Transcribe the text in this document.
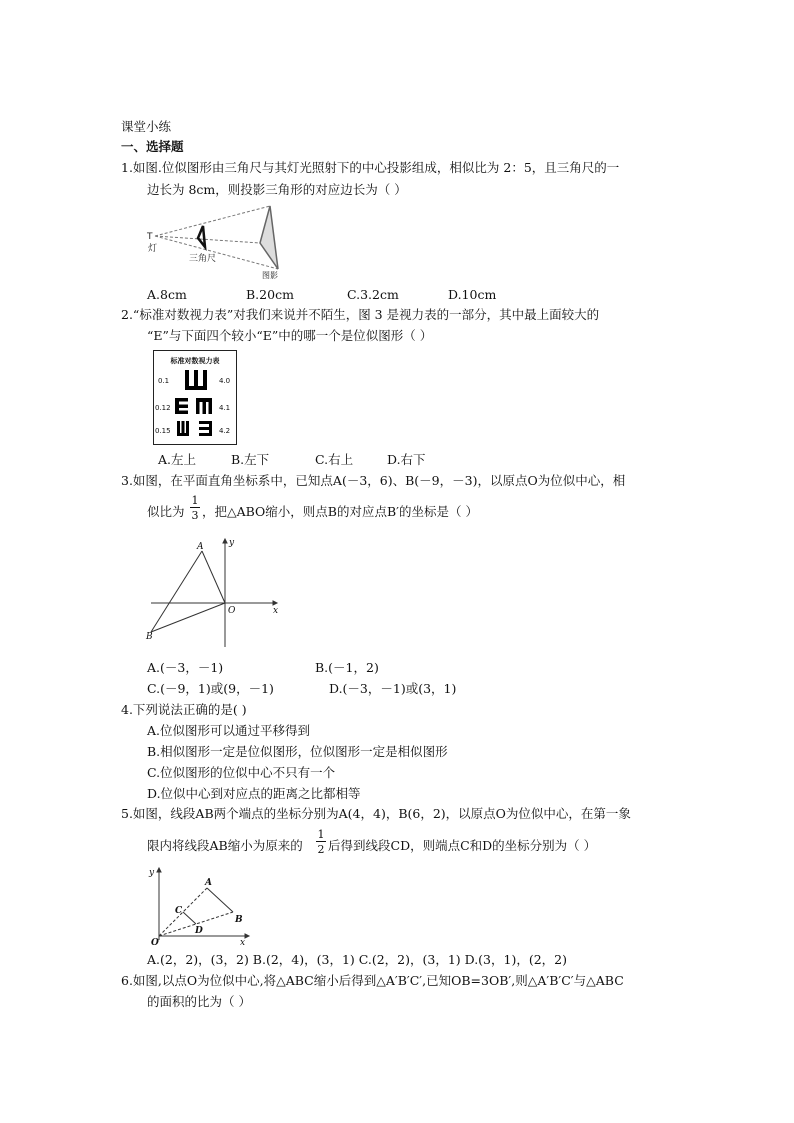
课堂小练
一、选择题
1.如图.位似图形由三角尺与其灯光照射下的中心投影组成，相似比为 2：5，且三角尺的一
边长为 8cm，则投影三角形的对应边长为（ ）
T
灯
三角尺
图影
A.8cm	B.20cm	C.3.2cm	D.10cm
2.“标准对数视力表”对我们来说并不陌生，图 3 是视力表的一部分，其中最上面较大的
“E”与下面四个较小“E”中的哪一个是位似图形（ ）
标准对数视力表
0.1
0.12
0.15
4.0
4.1
4.2
A.左上	B.左下	C.右上	D.右下
3.如图，在平面直角坐标系中，已知点A(－3，6)、B(－9，－3)，以原点O为位似中心，相
似比为
1
3 ，把△ABO缩小，则点B的对应点B′的坐标是（ ）
A
B
O	x
y
A.(－3，－1)	B.(－1，2)
C.(－9，1)或(9，－1)	D.(－3，－1)或(3，1)
4.下列说法正确的是( )
A.位似图形可以通过平移得到
B.相似图形一定是位似图形，位似图形一定是相似图形
C.位似图形的位似中心不只有一个
D.位似中心到对应点的距离之比都相等
5.如图，线段AB两个端点的坐标分别为A(4，4)，B(6，2)，以原点O为位似中心，在第一象
限内将线段AB缩小为原来的
1
2 后得到线段CD，则端点C和D的坐标分别为（ ）
A
B
C
D
O	x
y
A.(2，2)，(3，2) B.(2，4)，(3，1) C.(2，2)，(3，1) D.(3，1)，(2，2)
6.如图,以点O为位似中心,将△ABC缩小后得到△A′B′C′,已知OB=3OB′,则△A′B′C′与△ABC
的面积的比为（ ）
